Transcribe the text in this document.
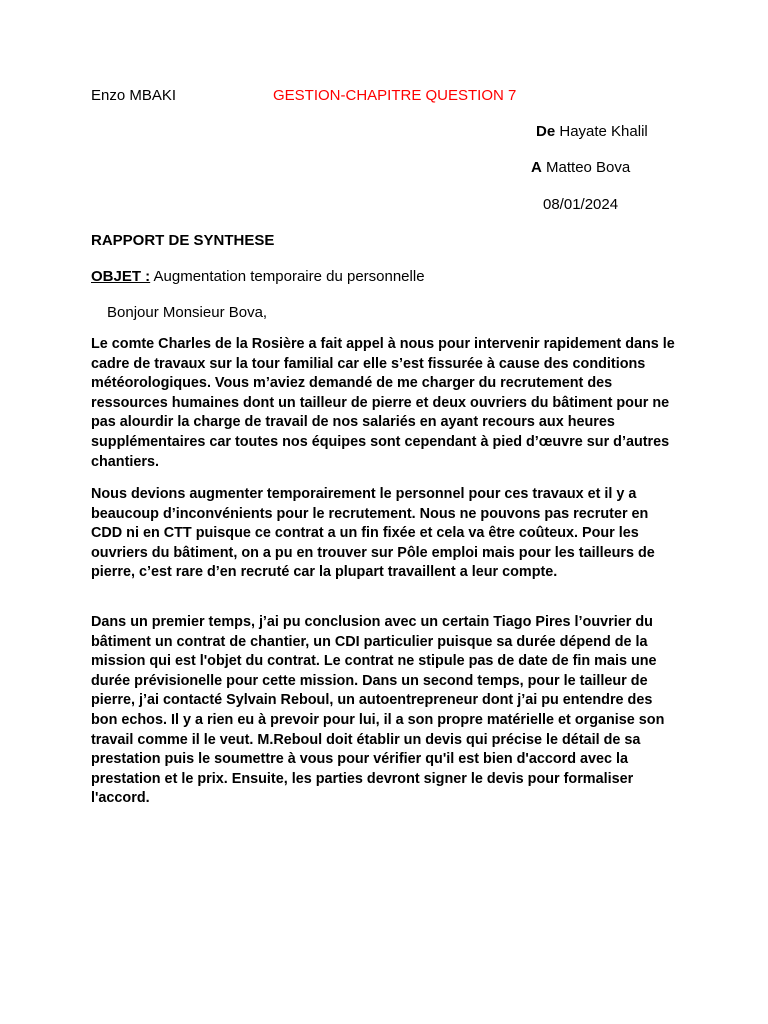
Enzo MBAKI	GESTION-CHAPITRE QUESTION 7
De Hayate Khalil
A Matteo Bova
08/01/2024
RAPPORT DE SYNTHESE
OBJET : Augmentation temporaire du personnelle
Bonjour Monsieur Bova,

Le comte Charles de la Rosière a fait appel à nous pour intervenir rapidement dans le cadre de travaux sur la tour familial car elle s’est fissurée à cause des conditions météorologiques. Vous m’aviez demandé de me charger du recrutement des ressources humaines dont un tailleur de pierre et deux ouvriers du bâtiment pour ne pas alourdir la charge de travail de nos salariés en ayant recours aux heures supplémentaires car toutes nos équipes sont cependant à pied d’œuvre sur d’autres chantiers.

Nous devions augmenter temporairement le personnel pour ces travaux et il y a beaucoup d’inconvénients pour le recrutement. Nous ne pouvons pas recruter en CDD ni en CTT puisque ce contrat a un fin fixée et cela va être coûteux. Pour les ouvriers du bâtiment, on a pu en trouver sur Pôle emploi mais pour les tailleurs de pierre, c’est rare d’en recruté car la plupart travaillent a leur compte.

Dans un premier temps, j’ai pu conclusion avec un certain Tiago Pires l’ouvrier du bâtiment un contrat de chantier, un CDI particulier puisque sa durée dépend de la mission qui est l'objet du contrat. Le contrat ne stipule pas de date de fin mais une durée prévisionelle pour cette mission. Dans un second temps, pour le tailleur de pierre, j’ai contacté Sylvain Reboul, un autoentrepreneur dont j’ai pu entendre des bon echos. Il y a rien eu à prevoir pour lui, il a son propre matérielle et organise son travail comme il le veut. M.Reboul doit établir un devis qui précise le détail de sa prestation puis le soumettre à vous pour vérifier qu'il est bien d'accord avec la prestation et le prix. Ensuite, les parties devront signer le devis pour formaliser l'accord.
